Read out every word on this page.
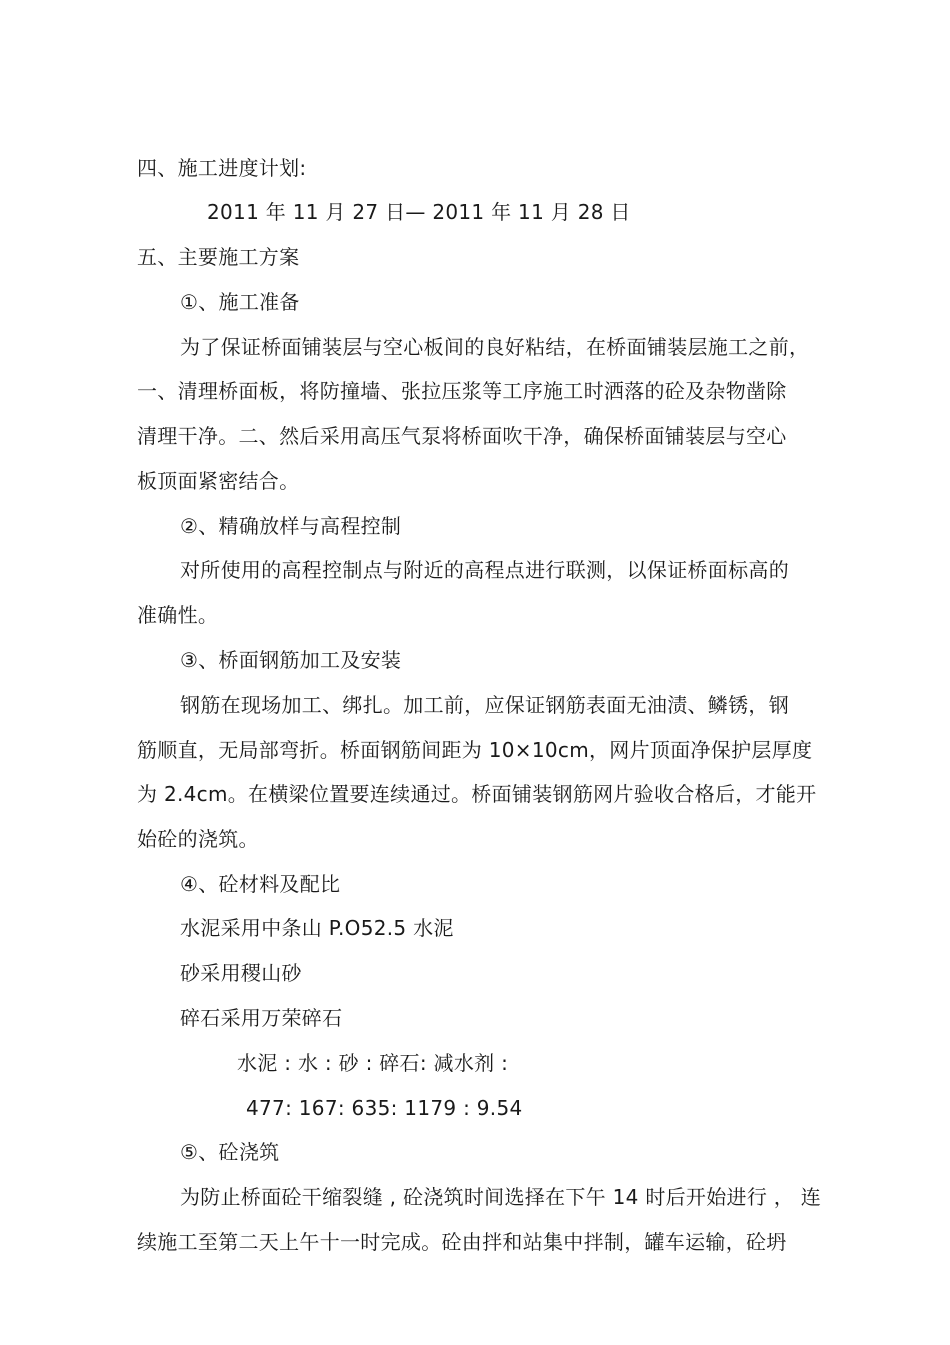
四、施工进度计划:
2011 年 11 月 27 日— 2011 年 11 月 28 日
五、主要施工方案
①、施工准备
为了保证桥面铺装层与空心板间的良好粘结，在桥面铺装层施工之前，
一、清理桥面板，将防撞墙、张拉压浆等工序施工时洒落的砼及杂物凿除
清理干净。二、然后采用高压气泵将桥面吹干净，确保桥面铺装层与空心
板顶面紧密结合。
②、精确放样与高程控制
对所使用的高程控制点与附近的高程点进行联测，以保证桥面标高的
准确性。
③、桥面钢筋加工及安装
钢筋在现场加工、绑扎。加工前，应保证钢筋表面无油渍、鳞锈，钢
筋顺直，无局部弯折。桥面钢筋间距为 10×10cm，网片顶面净保护层厚度
为 2.4cm。在横梁位置要连续通过。桥面铺装钢筋网片验收合格后，才能开
始砼的浇筑。
④、砼材料及配比
水泥采用中条山 P.O52.5 水泥
砂采用稷山砂
碎石采用万荣碎石
水泥 : 水 : 砂 : 碎石: 减水剂 :
477: 167: 635: 1179 : 9.54
⑤、砼浇筑
为防止桥面砼干缩裂缝 , 砼浇筑时间选择在下午 14 时后开始进行 ， 连
续施工至第二天上午十一时完成。砼由拌和站集中拌制，罐车运输，砼坍
